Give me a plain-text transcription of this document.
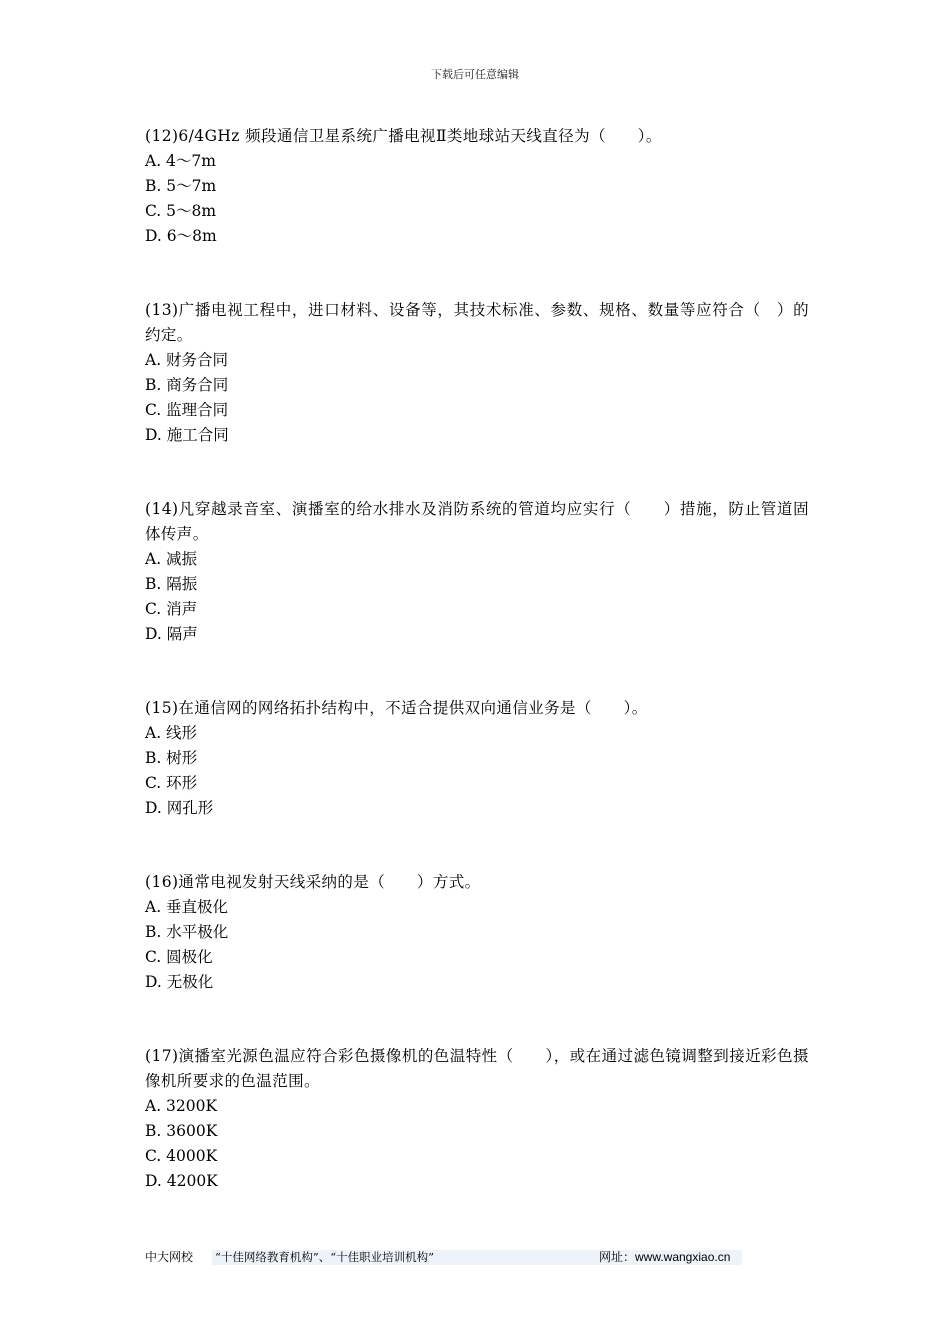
下载后可任意编辑

(12)6/4GHz 频段通信卫星系统广播电视Ⅱ类地球站天线直径为（　　）。

A. 4～7m

B. 5～7m

C. 5～8m

D. 6～8m

(13)广播电视工程中，进口材料、设备等，其技术标准、参数、规格、数量等应符合（　）的约定。

A. 财务合同

B. 商务合同

C. 监理合同

D. 施工合同

(14)凡穿越录音室、演播室的给水排水及消防系统的管道均应实行（　　）措施，防止管道固体传声。

A. 减振

B. 隔振

C. 消声

D. 隔声

(15)在通信网的网络拓扑结构中，不适合提供双向通信业务是（　　）。

A. 线形

B. 树形

C. 环形

D. 网孔形

(16)通常电视发射天线采纳的是（　　）方式。

A. 垂直极化

B. 水平极化

C. 圆极化

D. 无极化

(17)演播室光源色温应符合彩色摄像机的色温特性（　　），或在通过滤色镜调整到接近彩色摄像机所要求的色温范围。

A. 3200K

B. 3600K

C. 4000K

D. 4200K

中大网校 “十佳网络教育机构”、“十佳职业培训机构”	网址：www.wangxiao.cn
